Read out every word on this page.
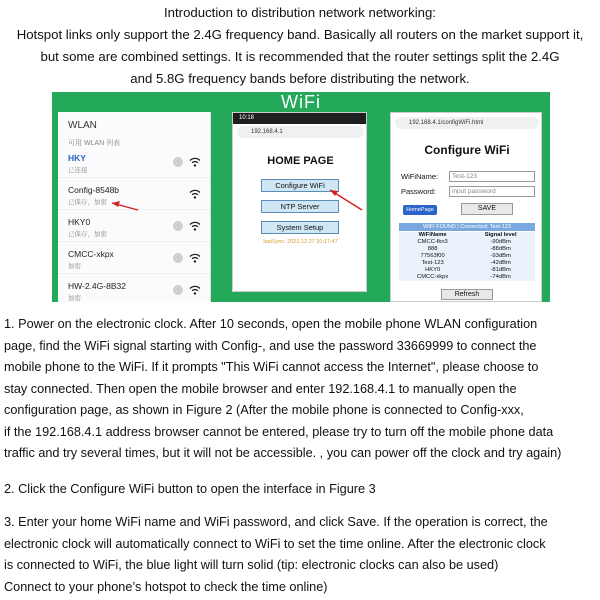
Introduction to distribution network networking:
Hotspot links only support the 2.4G frequency band. Basically all routers on the market support it,
but some are combined settings. It is recommended that the router settings split the 2.4G
and 5.8G frequency bands before distributing the network.
WiFi
WLAN
可用 WLAN 列表
HKY
已连接
Config-8548b
已保存，加密
HKY0
已保存，加密
CMCC-xkpx
加密
HW-2.4G-8B32
加密
10:18
192.168.4.1
HOME PAGE
Configure WiFi
NTP Server
System Setup
lastSync: 2022.12.27 10:17:47
192.168.4.1/configWiFi.html
Configure WiFi
WiFiName:	Test-123
Password:	input password
HomePage	SAVE
WIFI FOUND | Connected: Test-123
WiFiName	Signal level
CMCC-fkn3	-90dBm
888	-88dBm
77563f00	-93dBm
Test-123	-42dBm
HKY0	-81dBm
CMCC-xkpx	-74dBm
Refresh
1. Power on the electronic clock. After 10 seconds, open the mobile phone WLAN configuration
page, find the WiFi signal starting with Config-, and use the password 33669999 to connect the
mobile phone to the WiFi. If it prompts "This WiFi cannot access the Internet", please choose to
stay connected. Then open the mobile browser and enter 192.168.4.1 to manually open the
configuration page, as shown in Figure 2 (After the mobile phone is connected to Config-xxx,
if the 192.168.4.1 address browser cannot be entered, please try to turn off the mobile phone data
traffic and try several times, but it will not be accessible. , you can power off the clock and try again)
2. Click the Configure WiFi button to open the interface in Figure 3
3. Enter your home WiFi name and WiFi password, and click Save. If the operation is correct, the
electronic clock will automatically connect to WiFi to set the time online. After the electronic clock
is connected to WiFi, the blue light will turn solid (tip: electronic clocks can also be used)
Connect to your phone’s hotspot to check the time online)
